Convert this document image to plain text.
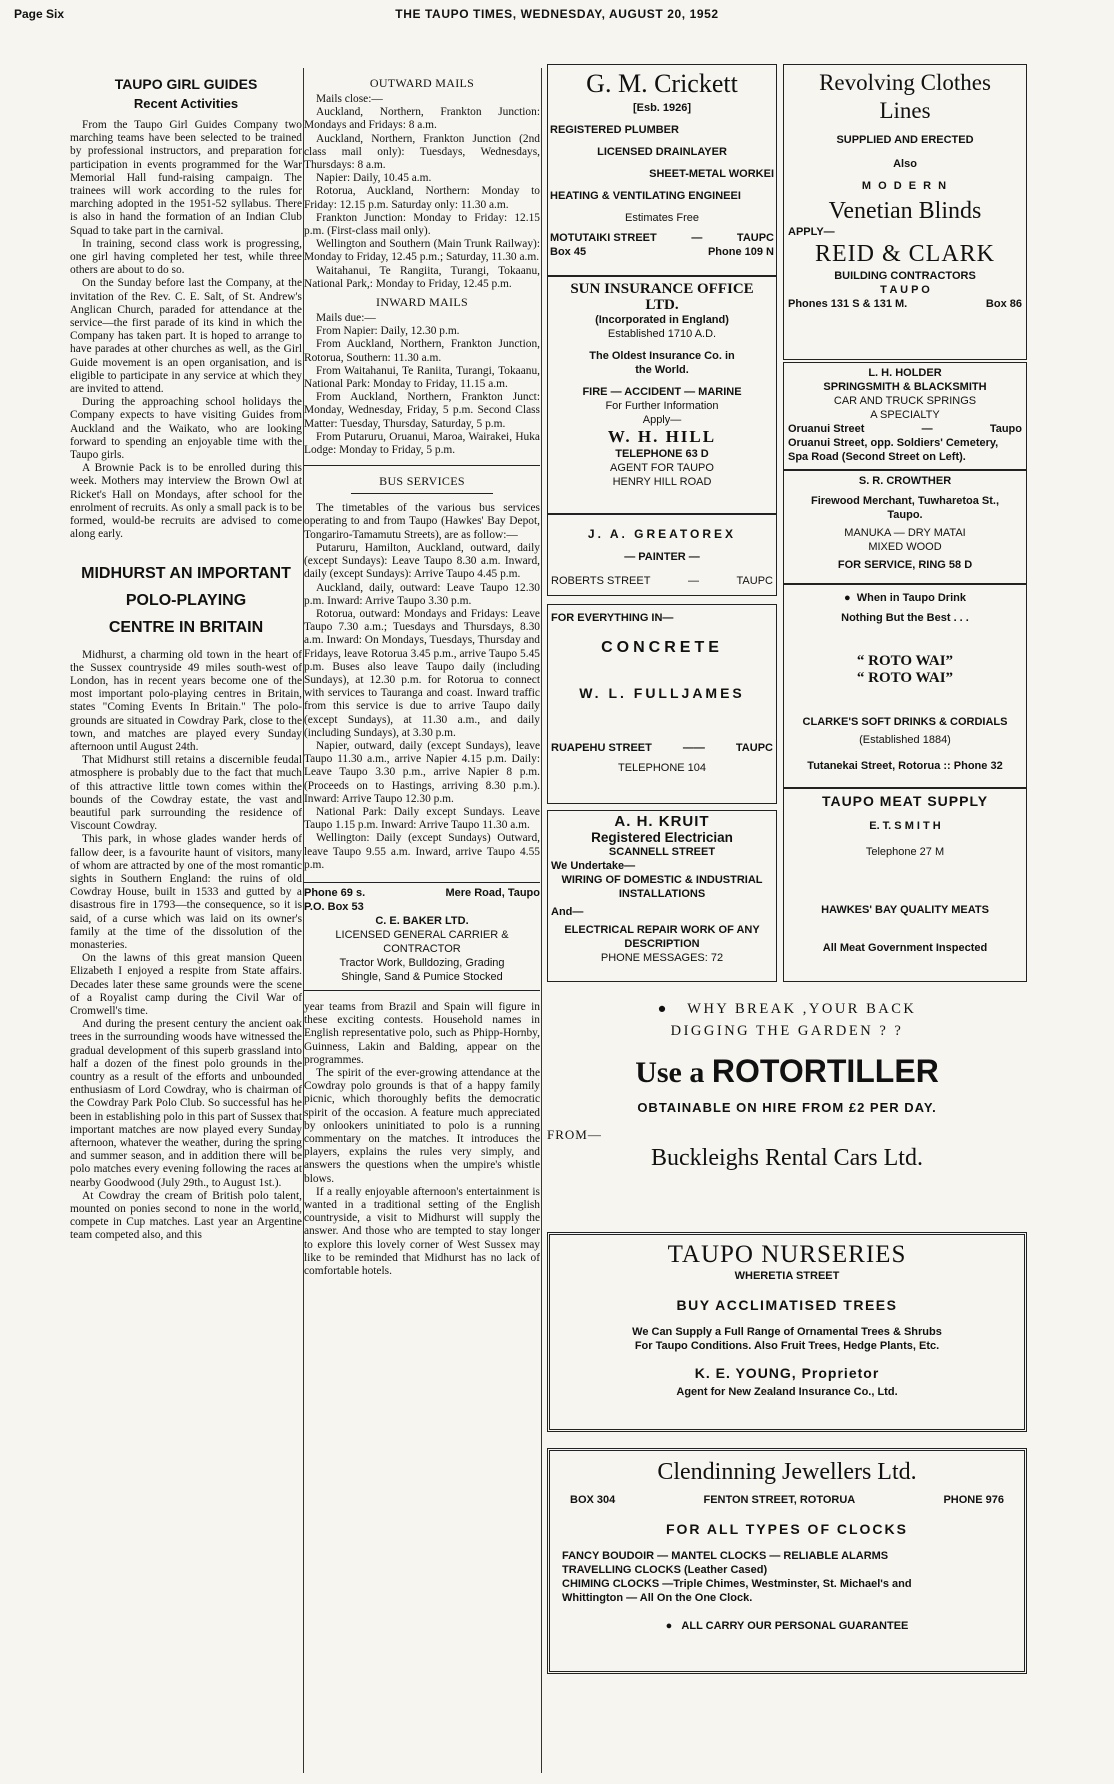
Page Six	THE TAUPO TIMES, WEDNESDAY, AUGUST 20, 1952
TAUPO GIRL GUIDES
Recent Activities

From the Taupo Girl Guides Company two marching teams have been selected to be trained by professional instructors, and preparation for participation in events programmed for the War Memorial Hall fund-raising campaign. The trainees will work according to the rules for marching adopted in the 1951-52 syllabus. There is also in hand the formation of an Indian Club Squad to take part in the carnival.

In training, second class work is progressing, one girl having completed her test, while three others are about to do so.

On the Sunday before last the Company, at the invitation of the Rev. C. E. Salt, of St. Andrew's Anglican Church, paraded for attendance at the service—the first parade of its kind in which the Company has taken part. It is hoped to arrange to have parades at other churches as well, as the Girl Guide movement is an open organisation, and is eligible to participate in any service at which they are invited to attend.

During the approaching school holidays the Company expects to have visiting Guides from Auckland and the Waikato, who are looking forward to spending an enjoyable time with the Taupo girls.

A Brownie Pack is to be enrolled during this week. Mothers may interview the Brown Owl at Ricket's Hall on Mondays, after school for the enrolment of recruits. As only a small pack is to be formed, would-be recruits are advised to come along early.

MIDHURST AN IMPORTANT
POLO-PLAYING
CENTRE IN BRITAIN

Midhurst, a charming old town in the heart of the Sussex countryside 49 miles south-west of London, has in recent years become one of the most important polo-playing centres in Britain, states "Coming Events In Britain." The polo-grounds are situated in Cowdray Park, close to the town, and matches are played every Sunday afternoon until August 24th.

That Midhurst still retains a discernible feudal atmosphere is probably due to the fact that much of this attractive little town comes within the bounds of the Cowdray estate, the vast and beautiful park surrounding the residence of Viscount Cowdray.

This park, in whose glades wander herds of fallow deer, is a favourite haunt of visitors, many of whom are attracted by one of the most romantic sights in Southern England: the ruins of old Cowdray House, built in 1533 and gutted by a disastrous fire in 1793—the consequence, so it is said, of a curse which was laid on its owner's family at the time of the dissolution of the monasteries.

On the lawns of this great mansion Queen Elizabeth I enjoyed a respite from State affairs. Decades later these same grounds were the scene of a Royalist camp during the Civil War of Cromwell's time.

And during the present century the ancient oak trees in the surrounding woods have witnessed the gradual development of this superb grassland into half a dozen of the finest polo grounds in the country as a result of the efforts and unbounded enthusiasm of Lord Cowdray, who is chairman of the Cowdray Park Polo Club. So successful has he been in establishing polo in this part of Sussex that important matches are now played every Sunday afternoon, whatever the weather, during the spring and summer season, and in addition there will be polo matches every evening following the races at nearby Goodwood (July 29th., to August 1st.).

At Cowdray the cream of British polo talent, mounted on ponies second to none in the world, compete in Cup matches. Last year an Argentine team competed also, and this

OUTWARD MAILS

Mails close:—

Auckland, Northern, Frankton Junction: Mondays and Fridays: 8 a.m.

Auckland, Northern, Frankton Junction (2nd class mail only): Tuesdays, Wednesdays, Thursdays: 8 a.m.

Napier: Daily, 10.45 a.m.

Rotorua, Auckland, Northern: Monday to Friday: 12.15 p.m. Saturday only: 11.30 a.m.

Frankton Junction: Monday to Friday: 12.15 p.m. (First-class mail only).

Wellington and Southern (Main Trunk Railway): Monday to Friday, 12.45 p.m.; Saturday, 11.30 a.m.

Waitahanui, Te Rangiita, Turangi, Tokaanu, National Park,: Monday to Friday, 12.45 p.m.

INWARD MAILS

Mails due:—

From Napier: Daily, 12.30 p.m.

From Auckland, Northern, Frankton Junction, Rotorua, Southern: 11.30 a.m.

From Waitahanui, Te Raniita, Turangi, Tokaanu, National Park: Monday to Friday, 11.15 a.m.

From Auckland, Northern, Frankton Junct: Monday, Wednesday, Friday, 5 p.m. Second Class Matter: Tuesday, Thursday, Saturday, 5 p.m.

From Putaruru, Oruanui, Maroa, Wairakei, Huka Lodge: Monday to Friday, 5 p.m.

BUS SERVICES

The timetables of the various bus services operating to and from Taupo (Hawkes' Bay Depot, Tongariro-Tamamutu Streets), are as follow:—

Putaruru, Hamilton, Auckland, outward, daily (except Sundays): Leave Taupo 8.30 a.m. Inward, daily (except Sundays): Arrive Taupo 4.45 p.m.

Auckland, daily, outward: Leave Taupo 12.30 p.m. Inward: Arrive Taupo 3.30 p.m.

Rotorua, outward: Mondays and Fridays: Leave Taupo 7.30 a.m.; Tuesdays and Thursdays, 8.30 a.m. Inward: On Mondays, Tuesdays, Thursday and Fridays, leave Rotorua 3.45 p.m., arrive Taupo 5.45 p.m. Buses also leave Taupo daily (including Sundays), at 12.30 p.m. for Rotorua to connect with services to Tauranga and coast. Inward traffic from this service is due to arrive Taupo daily (except Sundays), at 11.30 a.m., and daily (including Sundays), at 3.30 p.m.

Napier, outward, daily (except Sundays), leave Taupo 11.30 a.m., arrive Napier 4.15 p.m. Daily: Leave Taupo 3.30 p.m., arrive Napier 8 p.m. (Proceeds on to Hastings, arriving 8.30 p.m.). Inward: Arrive Taupo 12.30 p.m.

National Park: Daily except Sundays. Leave Taupo 1.15 p.m. Inward: Arrive Taupo 11.30 a.m.

Wellington: Daily (except Sundays) Outward, leave Taupo 9.55 a.m. Inward, arrive Taupo 4.55 p.m.

Phone 69 s.	Mere Road, Taupo
P.O. Box 53
C. E. BAKER LTD.
LICENSED GENERAL CARRIER &
CONTRACTOR
Tractor Work, Bulldozing, Grading
Shingle, Sand & Pumice Stocked

year teams from Brazil and Spain will figure in these exciting contests. Household names in English representative polo, such as Phipp-Hornby, Guinness, Lakin and Balding, appear on the programmes.

The spirit of the ever-growing attendance at the Cowdray polo grounds is that of a happy family picnic, which thoroughly befits the democratic spirit of the occasion. A feature much appreciated by onlookers uninitiated to polo is a running commentary on the matches. It introduces the players, explains the rules very simply, and answers the questions when the umpire's whistle blows.

If a really enjoyable afternoon's entertainment is wanted in a traditional setting of the English countryside, a visit to Midhurst will supply the answer. And those who are tempted to stay longer to explore this lovely corner of West Sussex may like to be reminded that Midhurst has no lack of comfortable hotels.

G. M. Crickett
[Esb. 1926]
REGISTERED PLUMBER
LICENSED DRAINLAYER
SHEET-METAL WORKEI
HEATING & VENTILATING ENGINEEI
Estimates Free
MOTUTAIKI STREET	—	TAUPC
Box 45	Phone 109 N
SUN INSURANCE OFFICE
LTD.
(Incorporated in England)
Established 1710 A.D.
The Oldest Insurance Co. in
the World.
FIRE — ACCIDENT — MARINE
For Further Information
Apply—
W. H. HILL
TELEPHONE 63 D
AGENT FOR TAUPO
HENRY HILL ROAD
J. A. GREATOREX
— PAINTER —
ROBERTS STREET	—	TAUPC
FOR EVERYTHING IN—
CONCRETE
W. L. FULLJAMES
RUAPEHU STREET	——	TAUPC
TELEPHONE 104
A. H. KRUIT
Registered Electrician
SCANNELL STREET
We Undertake—
WIRING OF DOMESTIC & INDUSTRIAL
INSTALLATIONS
And—
ELECTRICAL REPAIR WORK OF ANY
DESCRIPTION
PHONE MESSAGES: 72
Revolving Clothes
Lines
SUPPLIED AND ERECTED
Also
M O D E R N
Venetian Blinds
APPLY—
REID & CLARK
BUILDING CONTRACTORS
T A U P O
Phones 131 S & 131 M.	Box 86
L. H. HOLDER
SPRINGSMITH & BLACKSMITH
CAR AND TRUCK SPRINGS
A SPECIALTY
Oruanui Street	—	Taupo
Oruanui Street, opp. Soldiers' Cemetery,
Spa Road (Second Street on Left).
S. R. CROWTHER
Firewood Merchant, Tuwharetoa St.,
Taupo.
MANUKA — DRY MATAI
MIXED WOOD
FOR SERVICE, RING 58 D
●  When in Taupo Drink
Nothing But the Best . . .
“ ROTO WAI”
“ ROTO WAI”
CLARKE'S SOFT DRINKS & CORDIALS
(Established 1884)
Tutanekai Street, Rotorua :: Phone 32
TAUPO MEAT SUPPLY
E. T. S M I T H
Telephone 27 M
HAWKES' BAY QUALITY MEATS
All Meat Government Inspected
●   WHY BREAK ,YOUR BACK
DIGGING THE GARDEN ? ?
Use a ROTORTILLER
OBTAINABLE ON HIRE FROM £2 PER DAY.
FROM—
Buckleighs Rental Cars Ltd.
TAUPO NURSERIES
WHERETIA STREET
BUY ACCLIMATISED TREES
We Can Supply a Full Range of Ornamental Trees & Shrubs
For Taupo Conditions. Also Fruit Trees, Hedge Plants, Etc.
K. E. YOUNG, Proprietor
Agent for New Zealand Insurance Co., Ltd.
Clendinning Jewellers Ltd.
BOX 304	FENTON STREET, ROTORUA	PHONE 976
FOR ALL TYPES OF CLOCKS
FANCY BOUDOIR — MANTEL CLOCKS — RELIABLE ALARMS
TRAVELLING CLOCKS (Leather Cased)
CHIMING CLOCKS —Triple Chimes, Westminster, St. Michael's and
Whittington — All On the One Clock.
●   ALL CARRY OUR PERSONAL GUARANTEE
